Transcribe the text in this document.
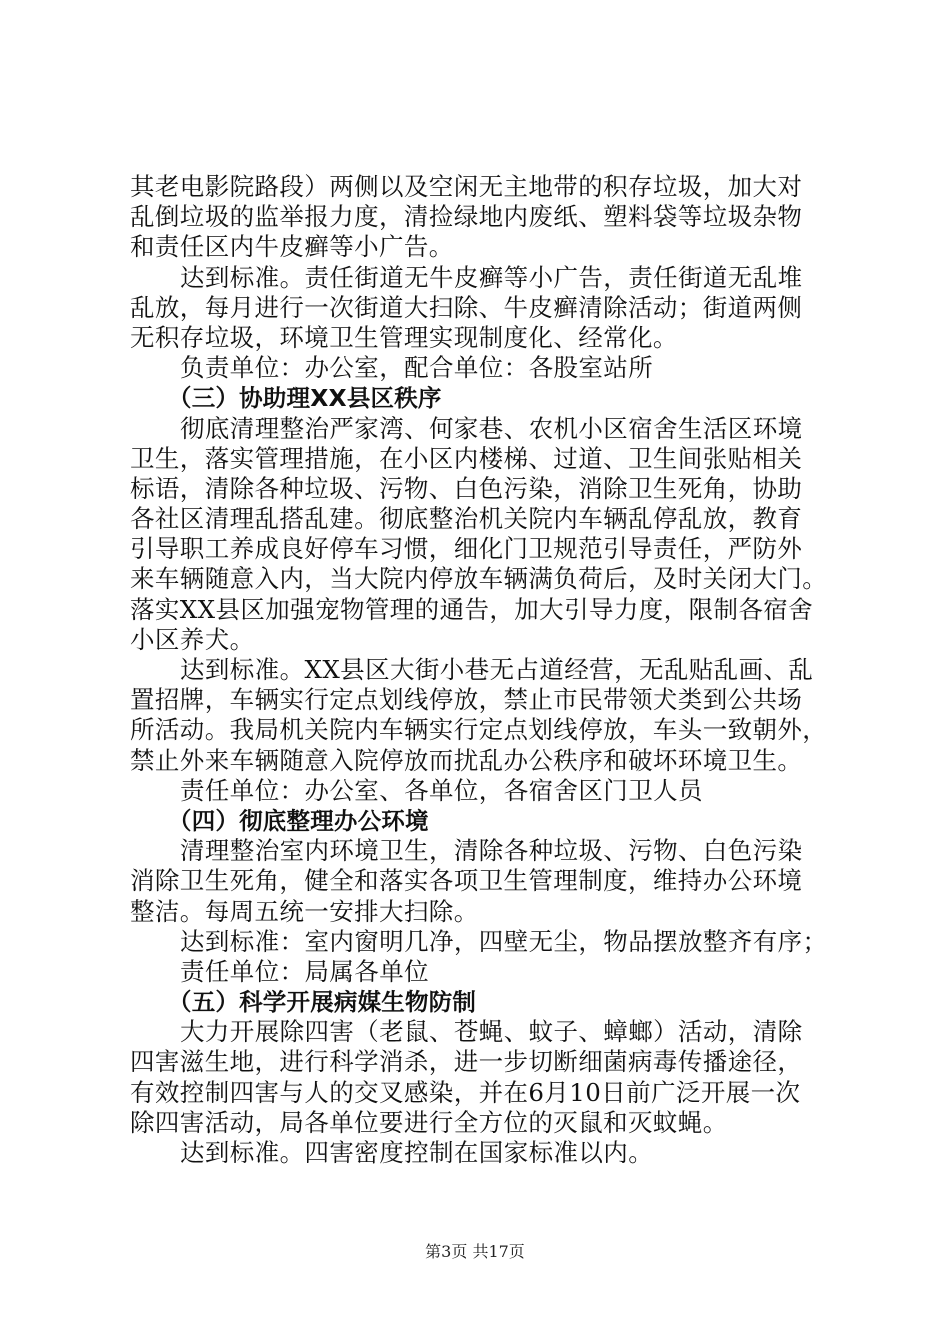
其老电影院路段）两侧以及空闲无主地带的积存垃圾，加大对
乱倒垃圾的监举报力度，清捡绿地内废纸、塑料袋等垃圾杂物
和责任区内牛皮癣等小广告。
达到标准。责任街道无牛皮癣等小广告，责任街道无乱堆
乱放，每月进行一次街道大扫除、牛皮癣清除活动；街道两侧
无积存垃圾，环境卫生管理实现制度化、经常化。
负责单位：办公室，配合单位：各股室站所
（三）协助理XX县区秩序
彻底清理整治严家湾、何家巷、农机小区宿舍生活区环境
卫生，落实管理措施，在小区内楼梯、过道、卫生间张贴相关
标语，清除各种垃圾、污物、白色污染，消除卫生死角，协助
各社区清理乱搭乱建。彻底整治机关院内车辆乱停乱放，教育
引导职工养成良好停车习惯，细化门卫规范引导责任，严防外
来车辆随意入内，当大院内停放车辆满负荷后，及时关闭大门。
落实XX县区加强宠物管理的通告，加大引导力度，限制各宿舍
小区养犬。
达到标准。XX县区大街小巷无占道经营，无乱贴乱画、乱
置招牌，车辆实行定点划线停放，禁止市民带领犬类到公共场
所活动。我局机关院内车辆实行定点划线停放，车头一致朝外，
禁止外来车辆随意入院停放而扰乱办公秩序和破坏环境卫生。
责任单位：办公室、各单位，各宿舍区门卫人员
（四）彻底整理办公环境
清理整治室内环境卫生，清除各种垃圾、污物、白色污染
消除卫生死角，健全和落实各项卫生管理制度，维持办公环境
整洁。每周五统一安排大扫除。
达到标准：室内窗明几净，四壁无尘，物品摆放整齐有序；
责任单位：局属各单位
（五）科学开展病媒生物防制
大力开展除四害（老鼠、苍蝇、蚊子、蟑螂）活动，清除
四害滋生地，进行科学消杀，进一步切断细菌病毒传播途径，
有效控制四害与人的交叉感染，并在6月10日前广泛开展一次
除四害活动，局各单位要进行全方位的灭鼠和灭蚊蝇。
达到标准。四害密度控制在国家标准以内。
第3页 共17页
